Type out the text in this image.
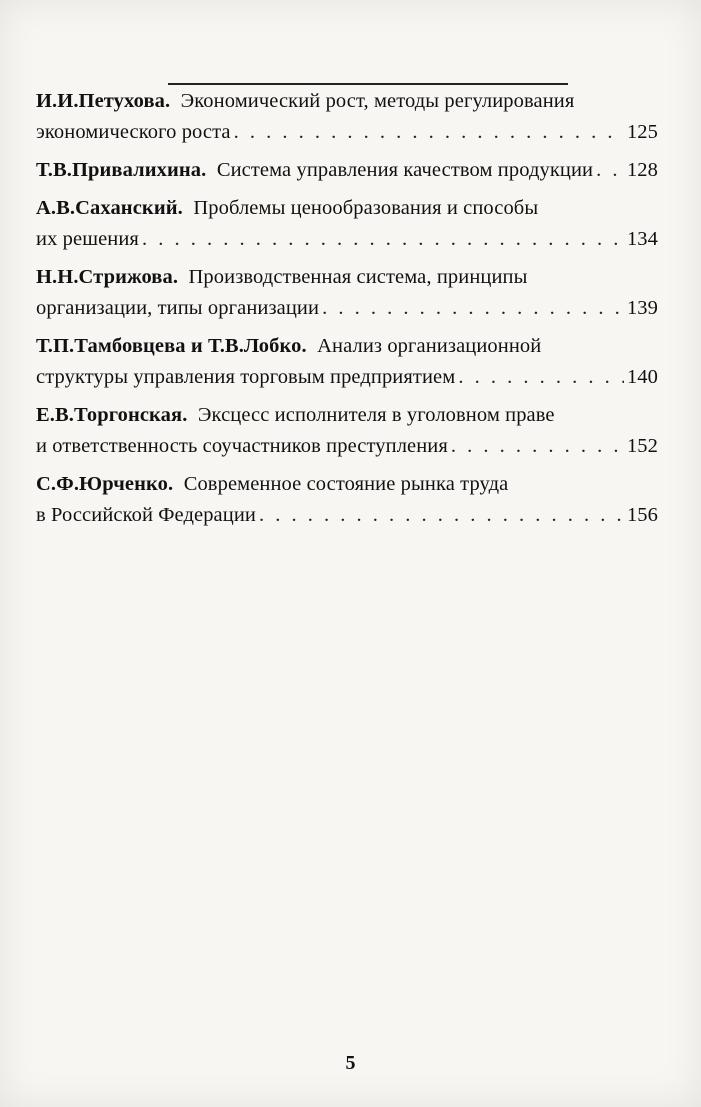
И.И.Петухова. Экономический рост, методы регулирования
экономического роста . . .	125
Т.В.Привалихина. Система управления качеством продукции . . . 128
А.В.Саханский. Проблемы ценообразования и способы
их решения . . .	134
Н.Н.Стрижова. Производственная система, принципы
организации, типы организации . . .	139
Т.П.Тамбовцева и Т.В.Лобко. Анализ организационной
структуры управления торговым предприятием . . .	140
Е.В.Торгонская. Эксцесс исполнителя в уголовном праве
и ответственность соучастников преступления . . .	152
С.Ф.Юрченко. Современное состояние рынка труда
в Российской Федерации . . .	156
5
